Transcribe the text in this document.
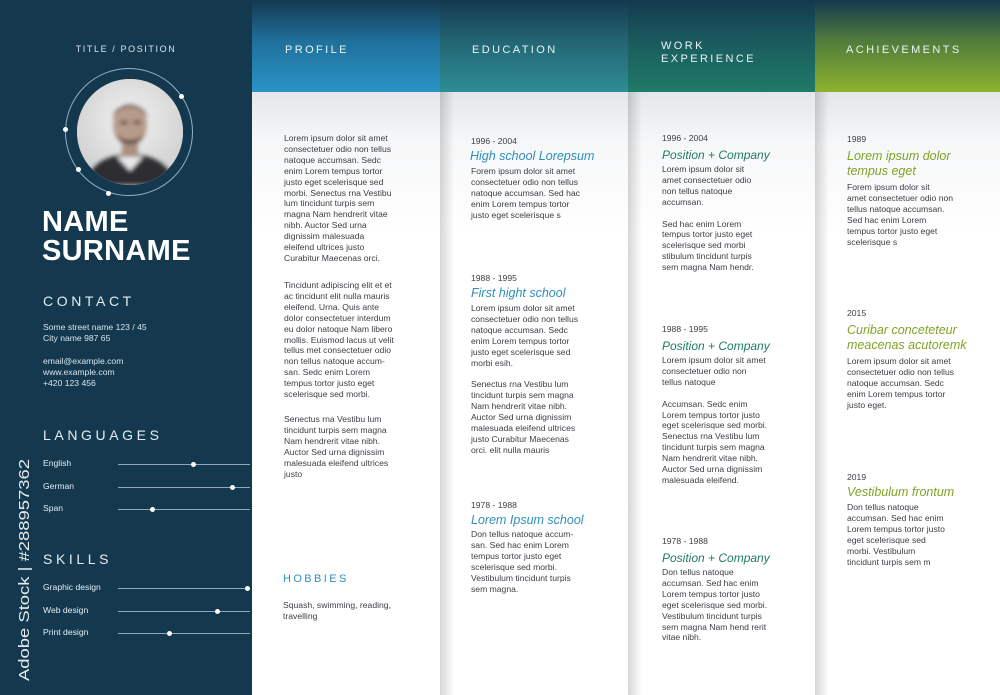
TITLE / POSITION
NAME
SURNAME
CONTACT
Some street name 123 / 45
City name 987 65
email@example.com
www.example.com
+420 123 456
LANGUAGES
English
German
Span
SKILLS
Graphic design
Web design
Print design
Adobe Stock | #288957362
PROFILE
Lorem ipsum dolor sit amet
consectetuer odio non tellus
natoque accumsan. Sedc
enim Lorem tempus tortor
justo eget scelerisque sed
morbi. Senectus rna Vestibu
lum tincidunt turpis sem
magna Nam hendrerit vitae
nibh. Auctor Sed urna
dignissim malesuada
eleifend ultrices justo
Curabitur Maecenas orci.
Tincidunt adipiscing elit et et
ac tincidunt elit nulla mauris
eleifend. Urna. Quis ante
dolor consectetuer interdum
eu dolor natoque Nam libero
mollis. Euismod lacus ut velit
tellus met consectetuer odio
non tellus natoque accum-
san. Sedc enim Lorem
tempus tortor justo eget
scelerisque sed morbi.
Senectus rna Vestibu lum
tincidunt turpis sem magna
Nam hendrerit vitae nibh.
Auctor Sed urna dignissim
malesuada eleifend ultrices
justo
HOBBIES
Squash, swimming, reading,
travelling
EDUCATION
1996 - 2004
High school Lorepsum
Forem ipsum dolor sit amet
consectetuer odio non tellus
natoque accumsan. Sed hac
enim Lorem tempus tortor
justo eget scelerisque s
1988 - 1995
First hight school
Lorem ipsum dolor sit amet
consectetuer odio non tellus
natoque accumsan. Sedc
enim Lorem tempus tortor
justo eget scelerisque sed
morbi esih.

Senectus rna Vestibu lum
tincidunt turpis sem magna
Nam hendrerit vitae nibh.
Auctor Sed urna dignissim
malesuada eleifend ultrices
justo Curabitur Maecenas
orci. elit nulla mauris
1978 - 1988
Lorem Ipsum school
Don tellus natoque accum-
san. Sed hac enim Lorem
tempus tortor justo eget
scelerisque sed morbi.
Vestibulum tincidunt turpis
sem magna.
WORK
EXPERIENCE
1996 - 2004
Position + Company
Lorem ipsum dolor sit
amet consectetuer odio
non tellus natoque
accumsan.

Sed hac enim Lorem
tempus tortor justo eget
scelerisque sed morbi
stibulum tincidunt turpis
sem magna Nam hendr.
1988 - 1995
Position + Company
Lorem ipsum dolor sit amet
consectetuer odio non
tellus natoque

Accumsan. Sedc enim
Lorem tempus tortor justo
eget scelerisque sed morbi.
Senectus rna Vestibu lum
tincidunt turpis sem magna
Nam hendrerit vitae nibh.
Auctor Sed urna dignissim
malesuada eleifend.
1978 - 1988
Position + Company
Don tellus natoque
accumsan. Sed hac enim
Lorem tempus tortor justo
eget scelerisque sed morbi.
Vestibulum tincidunt turpis
sem magna Nam hend rerit
vitae nibh.
ACHIEVEMENTS
1989
Lorem ipsum dolor
tempus eget
Forem ipsum dolor sit
amet consectetuer odio non
tellus natoque accumsan.
Sed hac enim Lorem
tempus tortor justo eget
scelerisque s
2015
Curibar conceteteur
meacenas acutoremk
Lorem ipsum dolor sit amet
consectetuer odio non tellus
natoque accumsan. Sedc
enim Lorem tempus tortor
justo eget.
2019
Vestibulum frontum
Don tellus natoque
accumsan. Sed hac enim
Lorem tempus tortor justo
eget scelerisque sed
morbi. Vestibulum
tincidunt turpis sem m
